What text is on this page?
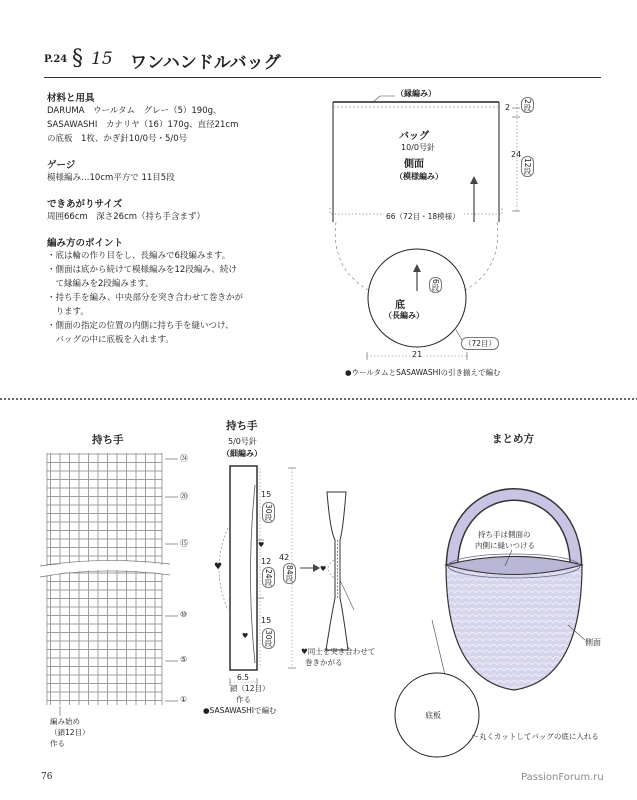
P.24 § 15 ワンハンドルバッグ
材料と用具
DARUMA　ウールタム　グレー（5）190g、
SASAWASHI　カナリヤ（16）170g、直径21cm
の底板　1枚、かぎ針10/0号・5/0号
ゲージ
模様編み…10cm平方で 11目5段
できあがりサイズ
周囲66cm　深さ26cm（持ち手含まず）
編み方のポイント
・底は輪の作り目をし、長編みで6段編みます。
・側面は底から続けて模様編みを12段編み、続け
　て縁編みを2段編みます。
・持ち手を編み、中央部分を突き合わせて巻きかが
　ります。
・側面の指定の位置の内側に持ち手を縫いつけ、
　バッグの中に底板を入れます。
（縁編み）
バッグ
10/0号針
側面
（模様編み）
66（72目・18模様）
2 2段
24
12段
底
（長編み）
6段
（72目）
21
●ウールタムとSASAWASHIの引き揃えで編む
持ち手
㉔
⑳
⑮
⑩
⑤
①
編み始め
（鎖12目）
作る
持ち手
5/0号針
（細編み）
15
30段
12
24段
15
30段
42
84段
♥
♥
♥
♥
6.5
鎖（12目）
作る
●SASAWASHIで編む
♥同士を突き合わせて
巻きかがる
まとめ方
持ち手は側面の
内側に縫いつける
側面
底板
丸くカットしてバッグの底に入れる
76	PassionForum.ru
